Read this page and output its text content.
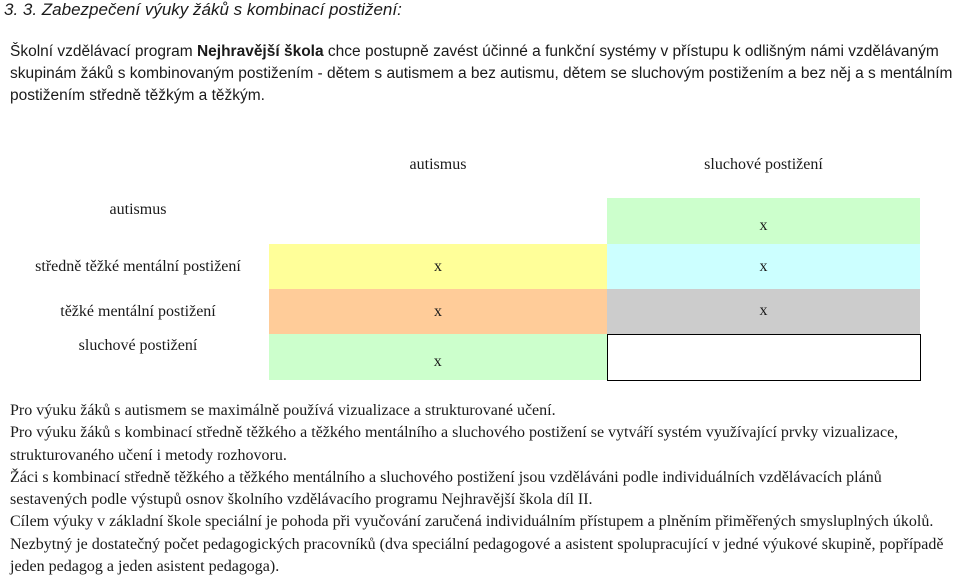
3. 3. Zabezpečení výuky žáků s kombinací postižení:
Školní vzdělávací program Nejhravější škola chce postupně zavést účinné a funkční systémy v přístupu k odlišným námi vzdělávaným skupinám žáků s kombinovaným postižením - dětem s autismem a bez autismu, dětem se sluchovým postižením a bez něj a s mentálním postižením středně těžkým a těžkým.
	autismus	sluchové postižení
autismus		x
středně těžké mentální postižení	x	x
těžké mentální postižení	x	x
sluchové postižení	x	

Pro výuku žáků s autismem se maximálně používá vizualizace a strukturované učení.

Pro výuku žáků s kombinací středně těžkého a těžkého mentálního a sluchového postižení se vytváří systém využívající prvky vizualizace, strukturovaného učení i metody rozhovoru.

Žáci s kombinací středně těžkého a těžkého mentálního a sluchového postižení jsou vzděláváni podle individuálních vzdělávacích plánů sestavených podle výstupů osnov školního vzdělávacího programu Nejhravější škola díl II.

Cílem výuky v základní škole speciální je pohoda při vyučování zaručená individuálním přístupem a plněním přiměřených smysluplných úkolů. Nezbytný je dostatečný počet pedagogických pracovníků (dva speciální pedagogové a asistent spolupracující v jedné výukové skupině, popřípadě jeden pedagog a jeden asistent pedagoga).
